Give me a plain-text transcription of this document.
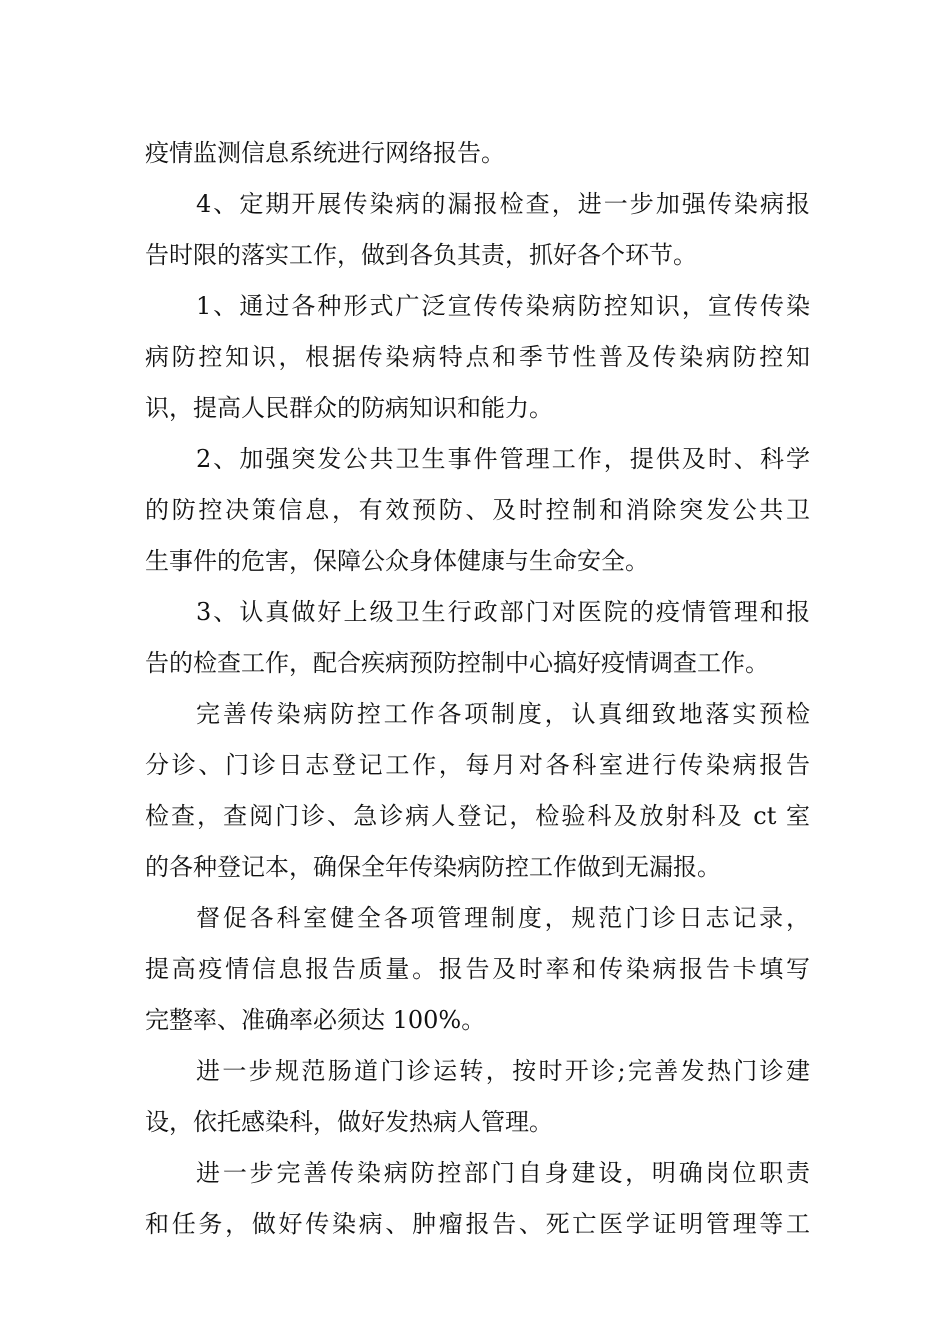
疫情监测信息系统进行网络报告。
4、定期开展传染病的漏报检查，进一步加强传染病报
告时限的落实工作，做到各负其责，抓好各个环节。
1、通过各种形式广泛宣传传染病防控知识，宣传传染
病防控知识，根据传染病特点和季节性普及传染病防控知
识，提高人民群众的防病知识和能力。
2、加强突发公共卫生事件管理工作，提供及时、科学
的防控决策信息，有效预防、及时控制和消除突发公共卫
生事件的危害，保障公众身体健康与生命安全。
3、认真做好上级卫生行政部门对医院的疫情管理和报
告的检查工作，配合疾病预防控制中心搞好疫情调查工作。
完善传染病防控工作各项制度，认真细致地落实预检
分诊、门诊日志登记工作，每月对各科室进行传染病报告
检查，查阅门诊、急诊病人登记，检验科及放射科及 ct 室
的各种登记本，确保全年传染病防控工作做到无漏报。
督促各科室健全各项管理制度，规范门诊日志记录，
提高疫情信息报告质量。报告及时率和传染病报告卡填写
完整率、准确率必须达 100%。
进一步规范肠道门诊运转，按时开诊;完善发热门诊建
设，依托感染科，做好发热病人管理。
进一步完善传染病防控部门自身建设，明确岗位职责
和任务，做好传染病、肿瘤报告、死亡医学证明管理等工
